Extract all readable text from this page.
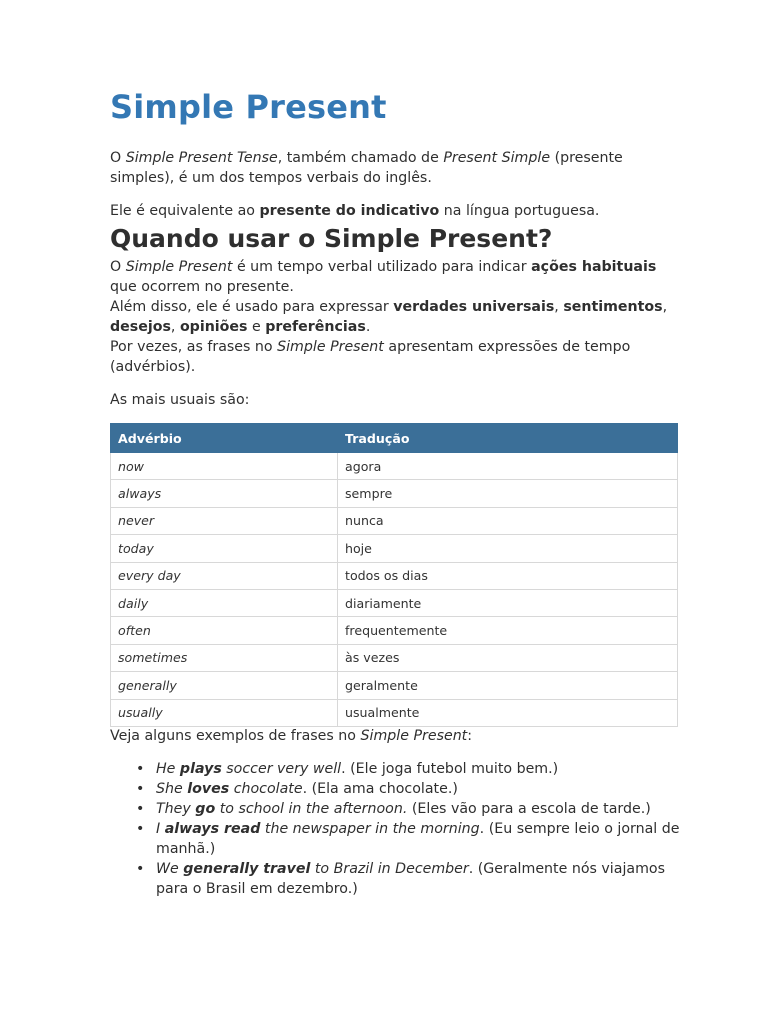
Simple Present

O Simple Present Tense, também chamado de Present Simple (presente simples), é um dos tempos verbais do inglês.

Ele é equivalente ao presente do indicativo na língua portuguesa.

Quando usar o Simple Present?

O Simple Present é um tempo verbal utilizado para indicar ações habituais que ocorrem no presente.
Além disso, ele é usado para expressar verdades universais, sentimentos, desejos, opiniões e preferências.
Por vezes, as frases no Simple Present apresentam expressões de tempo (advérbios).

As mais usuais são:

Advérbio	Tradução
now	agora
always	sempre
never	nunca
today	hoje
every day	todos os dias
daily	diariamente
often	frequentemente
sometimes	às vezes
generally	geralmente
usually	usualmente

Veja alguns exemplos de frases no Simple Present:

• He plays soccer very well. (Ele joga futebol muito bem.)
• She loves chocolate. (Ela ama chocolate.)
• They go to school in the afternoon. (Eles vão para a escola de tarde.)
• I always read the newspaper in the morning. (Eu sempre leio o jornal de manhã.)
• We generally travel to Brazil in December. (Geralmente nós viajamos para o Brasil em dezembro.)
